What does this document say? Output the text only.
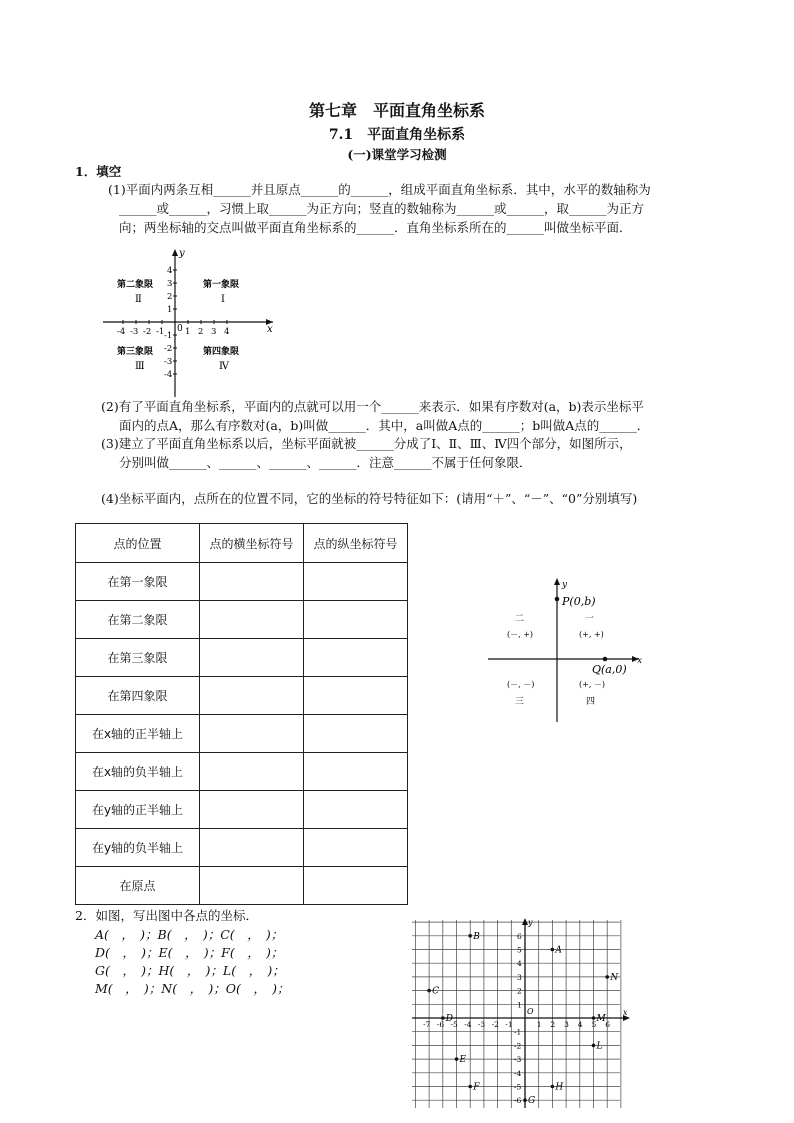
第七章　平面直角坐标系
7.1　平面直角坐标系
(一)课堂学习检测
1．填空
(1)平面内两条互相______并且原点______的______，组成平面直角坐标系．其中，水平的数轴称为
______或______，习惯上取______为正方向；竖直的数轴称为______或______，取______为正方
向；两坐标轴的交点叫做平面直角坐标系的______．直角坐标系所在的______叫做坐标平面．
x
y
0
-4 -3 -2 -1 1 2 3 4
4
3
2
1
-1
-2
-3
-4
第二象限
Ⅱ
第一象限
Ⅰ
第三象限
Ⅲ
第四象限
Ⅳ
(2)有了平面直角坐标系，平面内的点就可以用一个______来表示．如果有序数对(a，b)表示坐标平
面内的点A，那么有序数对(a，b)叫做______．其中，a叫做A点的______；b叫做A点的______．
(3)建立了平面直角坐标系以后，坐标平面就被______分成了Ⅰ、Ⅱ、Ⅲ、Ⅳ四个部分，如图所示，
分别叫做______、______、______、______．注意______不属于任何象限．
(4)坐标平面内，点所在的位置不同，它的坐标的符号特征如下：(请用“＋”、“－”、“0”分别填写)
点的位置	点的横坐标符号	点的纵坐标符号
在第一象限		
在第二象限		
在第三象限		
在第四象限		
在x轴的正半轴上		
在x轴的负半轴上		
在y轴的正半轴上		
在y轴的负半轴上		
在原点		
x
y
P(0,b)
Q(a,0)
二
(－, +)
一
(+, +)
(－, －)
三
(+, －)
四
2．如图，写出图中各点的坐标．
A(　，　)；B(　，　)；C(　，　)；
D(　，　)；E(　，　)；F(　，　)；
G(　，　)；H(　，　)；L(　，　)；
M(　，　)；N(　，　)；O(　，　)；
x
y
O
-7 -6 -5 -4 -3 -2 -1	1 2 3 4 5 6
6
5
4
3
2
1
-1
-2
-3
-4
-5
-6
A
B
C
D
E
F
G
H
L
M
N
